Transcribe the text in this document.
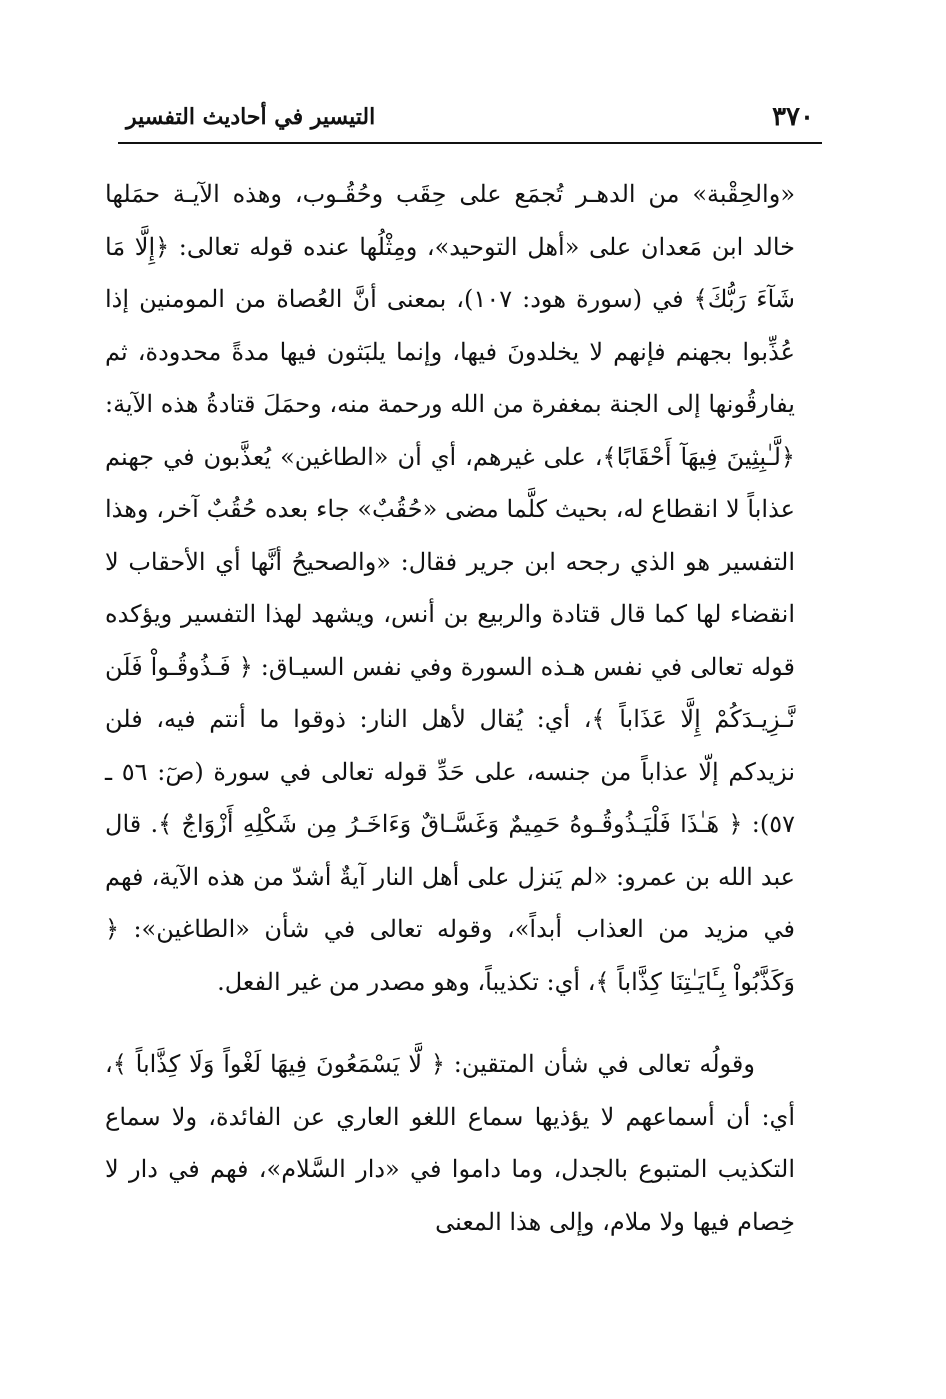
٣٧٠
التيسير في أحاديث التفسير

«والحِقْبة» من الدهـر تُجمَع على حِقَب وحُقُـوب، وهذه الآيـة حمَلها خالد ابن مَعدان على «أهل التوحيد»، ومِثْلُها عنده قوله تعالى: ﴿إِلَّا مَا شَآءَ رَبُّكَ﴾ في (سورة هود: ١٠٧)، بمعنى أنَّ العُصاة من المومنين إذا عُذِّبوا بجهنم فإنهم لا يخلدونَ فيها، وإنما يلبَثون فيها مدةً محدودة، ثم يفارقُونها إلى الجنة بمغفرة من الله ورحمة منه، وحمَلَ قتادةُ هذه الآية: ﴿لَّـٰبِثِينَ فِيهَآ أَحْقَابًا﴾، على غيرهم، أي أن «الطاغين» يُعذَّبون في جهنم عذاباً لا انقطاع له، بحيث كلَّما مضى «حُقُبٌ» جاء بعده حُقُبٌ آخر، وهذا التفسير هو الذي رجحه ابن جرير فقال: «والصحيحُ أنَّها أي الأحقاب لا انقضاء لها كما قال قتادة والربيع بن أنس، ويشهد لهذا التفسير ويؤكده قوله تعالى في نفس هـذه السورة وفي نفس السيـاق: ﴿ فَـذُوقُـواْ فَلَن نَّـزِيـدَكُمْ إِلَّا عَذَاباً ﴾، أي: يُقال لأهل النار: ذوقوا ما أنتم فيه، فلن نزيدكم إلّا عذاباً من جنسه، على حَدِّ قوله تعالى في سورة (صٓ: ٥٦ ـ ٥٧): ﴿ هَـٰذَا فَلْيَـذُوقُـوهُ حَمِيمٌ وَغَسَّـاقٌ وَءَاخَـرُ مِن شَكْلِهِ أَزْوَاجٌ ﴾. قال عبد الله بن عمرو: «لم يَنزل على أهل النار آيةٌ أشدّ من هذه الآية، فهم في مزيد من العذاب أبداً»، وقوله تعالى في شأن «الطاغين»: ﴿ وَكَذَّبُواْ بِـَٔايَـٰتِنَا كِذَّاباً ﴾، أي: تكذيباً، وهو مصدر من غير الفعل.

وقولُه تعالى في شأن المتقين: ﴿ لَّا يَسْمَعُونَ فِيهَا لَغْواً وَلَا كِذَّاباً ﴾، أي: أن أسماعهم لا يؤذيها سماع اللغو العاري عن الفائدة، ولا سماع التكذيب المتبوع بالجدل، وما داموا في «دار السَّلام»، فهم في دار لا خِصام فيها ولا ملام، وإلى هذا المعنى
